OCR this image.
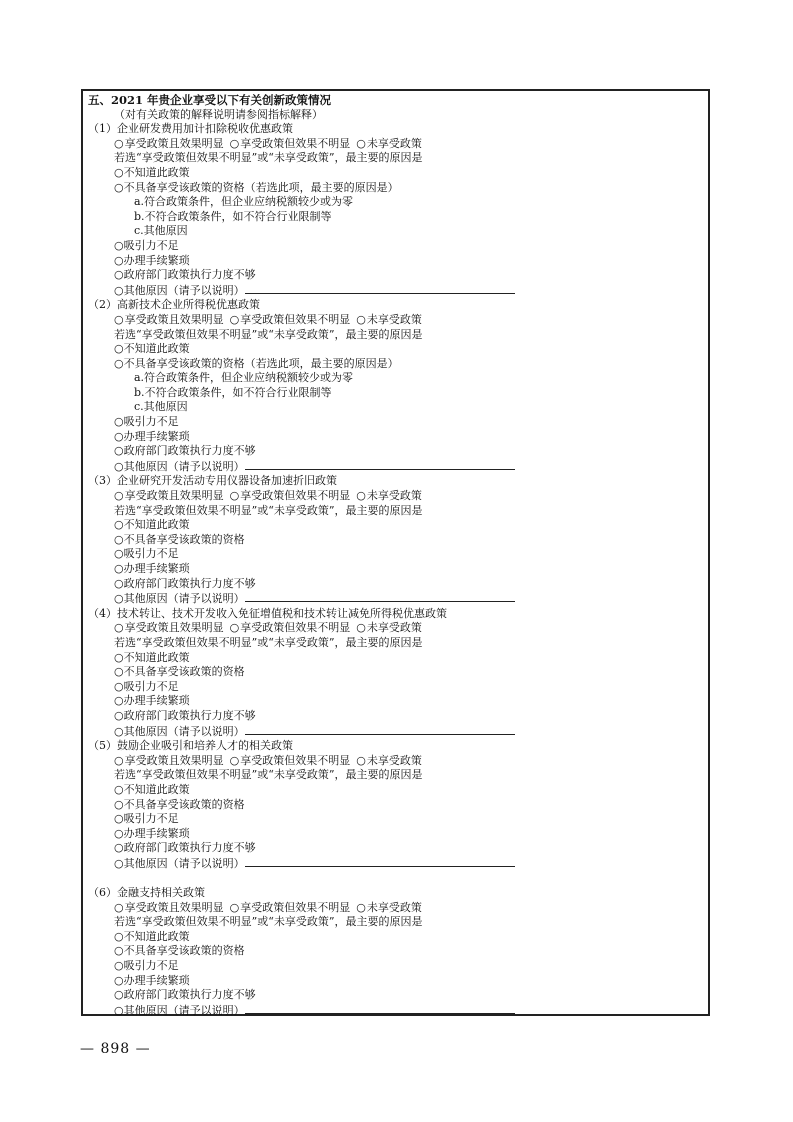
五、2021 年贵企业享受以下有关创新政策情况
（对有关政策的解释说明请参阅指标解释）
（1）企业研发费用加计扣除税收优惠政策
○享受政策且效果明显 ○享受政策但效果不明显 ○未享受政策
若选“享受政策但效果不明显”或“未享受政策”，最主要的原因是
○不知道此政策
○不具备享受该政策的资格（若选此项，最主要的原因是）
a.符合政策条件，但企业应纳税额较少或为零
b.不符合政策条件，如不符合行业限制等
c.其他原因
○吸引力不足
○办理手续繁琐
○政府部门政策执行力度不够
○其他原因（请予以说明）
（2）高新技术企业所得税优惠政策
○享受政策且效果明显 ○享受政策但效果不明显 ○未享受政策
若选“享受政策但效果不明显”或“未享受政策”，最主要的原因是
○不知道此政策
○不具备享受该政策的资格（若选此项，最主要的原因是）
a.符合政策条件，但企业应纳税额较少或为零
b.不符合政策条件，如不符合行业限制等
c.其他原因
○吸引力不足
○办理手续繁琐
○政府部门政策执行力度不够
○其他原因（请予以说明）
（3）企业研究开发活动专用仪器设备加速折旧政策
○享受政策且效果明显 ○享受政策但效果不明显 ○未享受政策
若选“享受政策但效果不明显”或“未享受政策”，最主要的原因是
○不知道此政策
○不具备享受该政策的资格
○吸引力不足
○办理手续繁琐
○政府部门政策执行力度不够
○其他原因（请予以说明）
（4）技术转让、技术开发收入免征增值税和技术转让减免所得税优惠政策
○享受政策且效果明显 ○享受政策但效果不明显 ○未享受政策
若选“享受政策但效果不明显”或“未享受政策”，最主要的原因是
○不知道此政策
○不具备享受该政策的资格
○吸引力不足
○办理手续繁琐
○政府部门政策执行力度不够
○其他原因（请予以说明）
（5）鼓励企业吸引和培养人才的相关政策
○享受政策且效果明显 ○享受政策但效果不明显 ○未享受政策
若选“享受政策但效果不明显”或“未享受政策”，最主要的原因是
○不知道此政策
○不具备享受该政策的资格
○吸引力不足
○办理手续繁琐
○政府部门政策执行力度不够
○其他原因（请予以说明）
（6）金融支持相关政策
○享受政策且效果明显 ○享受政策但效果不明显 ○未享受政策
若选“享受政策但效果不明显”或“未享受政策”，最主要的原因是
○不知道此政策
○不具备享受该政策的资格
○吸引力不足
○办理手续繁琐
○政府部门政策执行力度不够
○其他原因（请予以说明）
— 898 —
